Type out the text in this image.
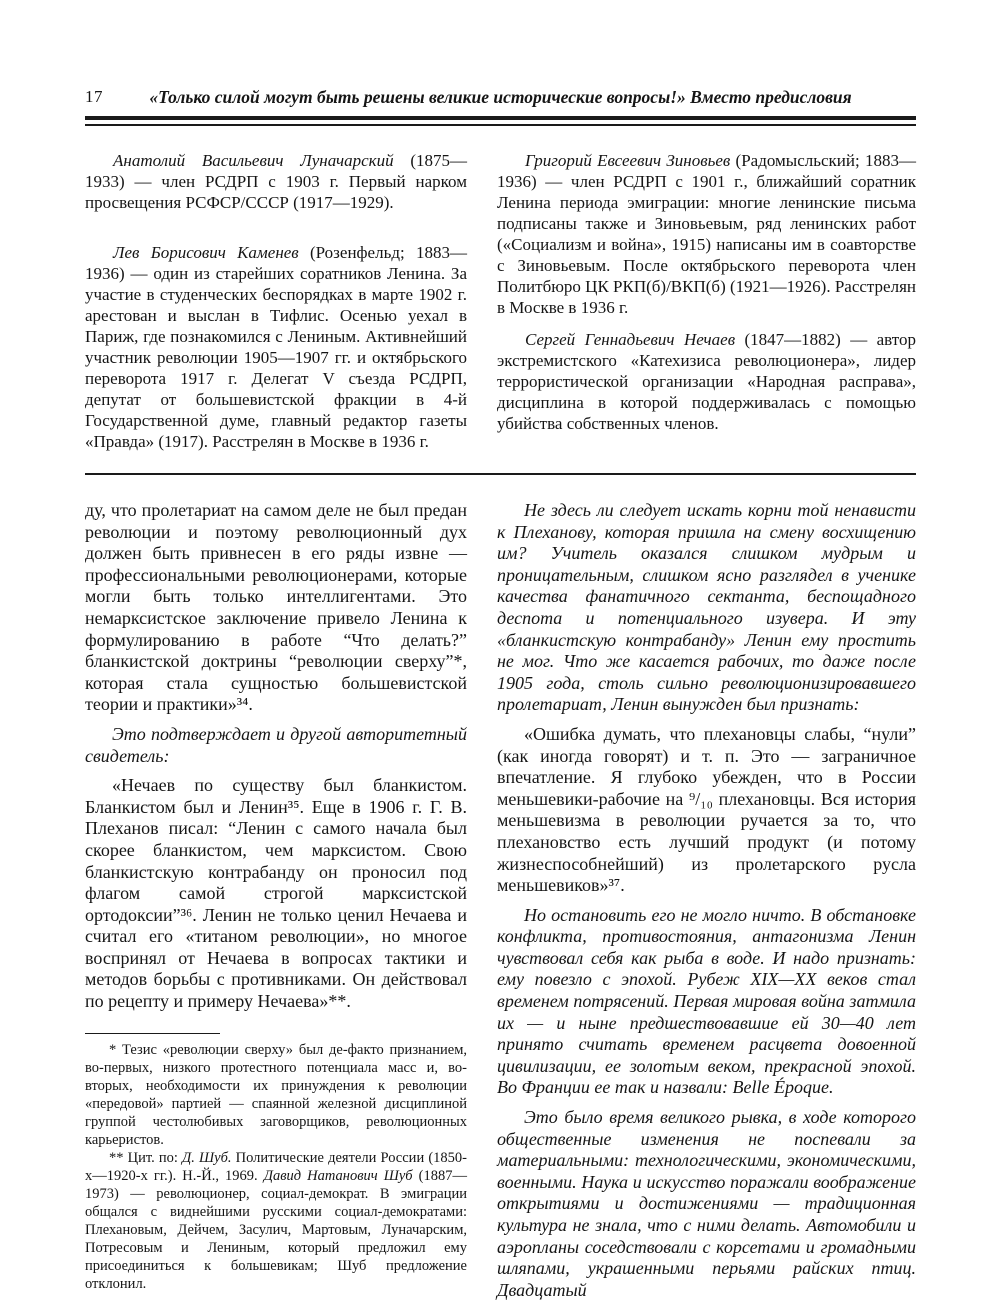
17	«Только силой могут быть решены великие исторические вопросы!» Вместо предисловия

Анатолий Васильевич Луначарский (1875—1933) — член РСДРП с 1903 г. Первый нарком просвещения РСФСР/СССР (1917—1929).

Лев Борисович Каменев (Розенфельд; 1883—1936) — один из старейших соратников Ленина. За участие в студенческих беспорядках в марте 1902 г. арестован и выслан в Тифлис. Осенью уехал в Париж, где познакомился с Лениным. Активнейший участник революции 1905—1907 гг. и октябрьского переворота 1917 г. Делегат V съезда РСДРП, депутат от большевистской фракции в 4-й Государственной думе, главный редактор газеты «Правда» (1917). Расстрелян в Москве в 1936 г.

Григорий Евсеевич Зиновьев (Радомысльский; 1883—1936) — член РСДРП с 1901 г., ближайший соратник Ленина периода эмиграции: многие ленинские письма подписаны также и Зиновьевым, ряд ленинских работ («Социализм и война», 1915) написаны им в соавторстве с Зиновьевым. После октябрьского переворота член Политбюро ЦК РКП(б)/ВКП(б) (1921—1926). Расстрелян в Москве в 1936 г.

Сергей Геннадьевич Нечаев (1847—1882) — автор экстремистского «Катехизиса революционера», лидер террористической организации «Народная расправа», дисциплина в которой поддерживалась с помощью убийства собственных членов.

ду, что пролетариат на самом деле не был предан революции и поэтому революционный дух должен быть привнесен в его ряды извне — профессиональными революционерами, которые могли быть только интеллигентами. Это немарксистское заключение привело Ленина к формулированию в работе “Что делать?” бланкистской доктрины “революции сверху”*, которая стала сущностью большевистской теории и практики»³⁴.

Это подтверждает и другой авторитетный свидетель:

«Нечаев по существу был бланкистом. Бланкистом был и Ленин³⁵. Еще в 1906 г. Г. В. Плеханов писал: “Ленин с самого начала был скорее бланкистом, чем марксистом. Свою бланкистскую контрабанду он проносил под флагом самой строгой марксистской ортодоксии”³⁶. Ленин не только ценил Нечаева и считал его «титаном революции», но многое воспринял от Нечаева в вопросах тактики и методов борьбы с противниками. Он действовал по рецепту и примеру Нечаева»**.

* Тезис «революции сверху» был де-факто признанием, во-первых, низкого протестного потенциала масс и, во-вторых, необходимости их принуждения к революции «передовой» партией — спаянной железной дисциплиной группой честолюбивых заговорщиков, революционных карьеристов.

** Цит. по: Д. Шуб. Политические деятели России (1850-х—1920-х гг.). Н.-Й., 1969. Давид Натанович Шуб (1887—1973) — революционер, социал-демократ. В эмиграции общался с виднейшими русскими социал-демократами: Плехановым, Дейчем, Засулич, Мартовым, Луначарским, Потресовым и Лениным, который предложил ему присоединиться к большевикам; Шуб предложение отклонил.

Не здесь ли следует искать корни той ненависти к Плеханову, которая пришла на смену восхищению им? Учитель оказался слишком мудрым и проницательным, слишком ясно разглядел в ученике качества фанатичного сектанта, беспощадного деспота и потенциального изувера. И эту «бланкистскую контрабанду» Ленин ему простить не мог. Что же касается рабочих, то даже после 1905 года, столь сильно революционизировавшего пролетариат, Ленин вынужден был признать:

«Ошибка думать, что плехановцы слабы, “нули” (как иногда говорят) и т. п. Это — заграничное впечатление. Я глубоко убежден, что в России меньшевики-рабочие на ⁹/₁₀ плехановцы. Вся история меньшевизма в революции ручается за то, что плехановство есть лучший продукт (и потому жизнеспособнейший) из пролетарского русла меньшевиков»³⁷.

Но остановить его не могло ничто. В обстановке конфликта, противостояния, антагонизма Ленин чувствовал себя как рыба в воде. И надо признать: ему повезло с эпохой. Рубеж XIX—XX веков стал временем потрясений. Первая мировая война затмила их — и ныне предшествовавшие ей 30—40 лет принято считать временем расцвета довоенной цивилизации, ее золотым веком, прекрасной эпохой. Во Франции ее так и назвали: Belle Époque.

Это было время великого рывка, в ходе которого общественные изменения не поспевали за материальными: технологическими, экономическими, военными. Наука и искусство поражали воображение открытиями и достижениями — традиционная культура не знала, что с ними делать. Автомобили и аэропланы соседствовали с корсетами и громадными шляпами, украшенными перьями райских птиц. Двадцатый
